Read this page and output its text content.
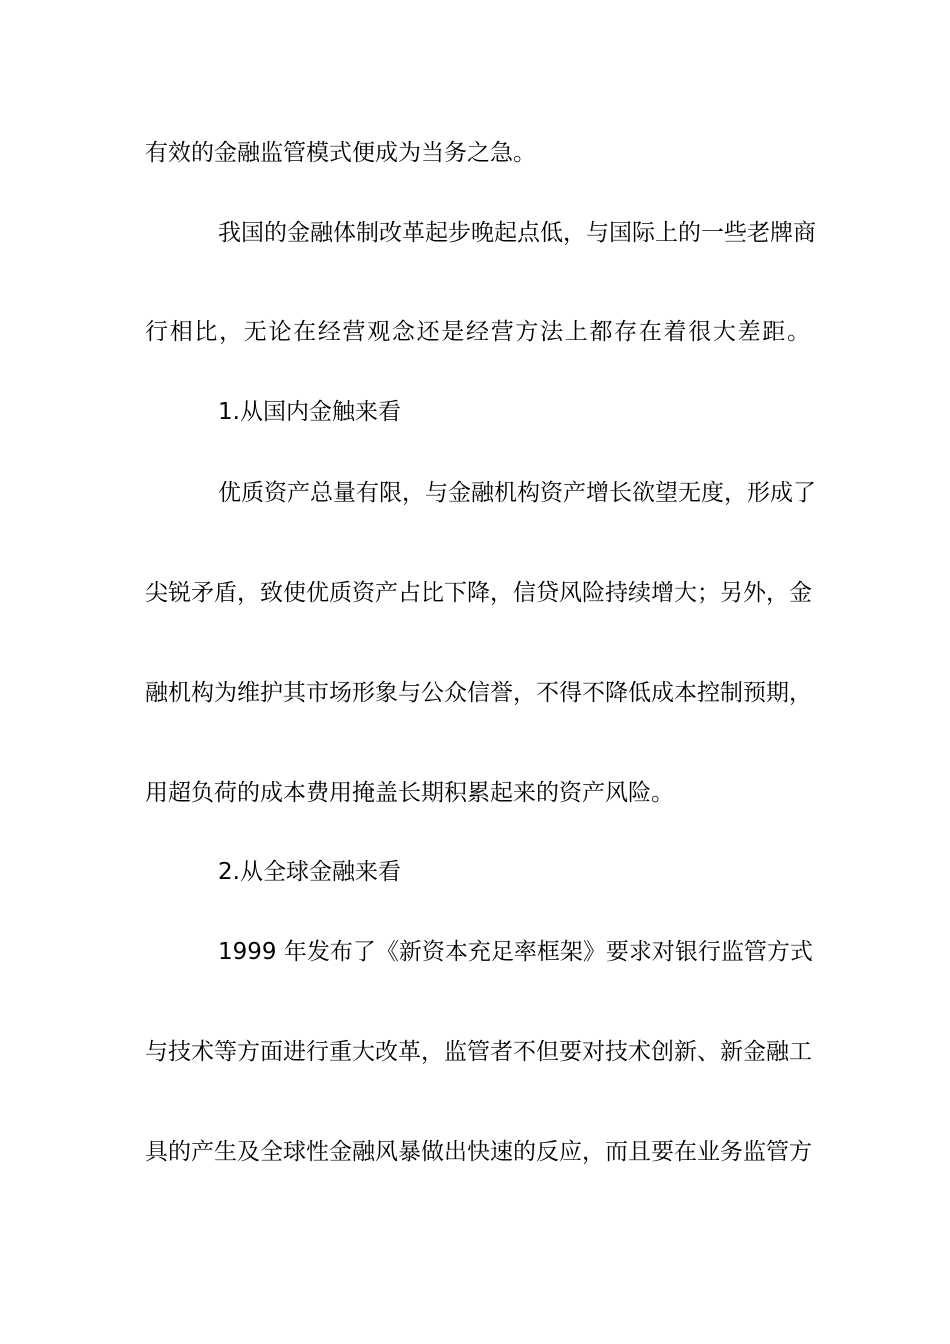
有效的金融监管模式便成为当务之急。
我国的金融体制改革起步晚起点低，与国际上的一些老牌商
行相比，无论在经营观念还是经营方法上都存在着很大差距。
1.从国内金触来看
优质资产总量有限，与金融机构资产增长欲望无度，形成了
尖锐矛盾，致使优质资产占比下降，信贷风险持续增大；另外，金
融机构为维护其市场形象与公众信誉，不得不降低成本控制预期，
用超负荷的成本费用掩盖长期积累起来的资产风险。
2.从全球金融来看
1999 年发布了《新资本充足率框架》要求对银行监管方式
与技术等方面进行重大改革，监管者不但要对技术创新、新金融工
具的产生及全球性金融风暴做出快速的反应，而且要在业务监管方
